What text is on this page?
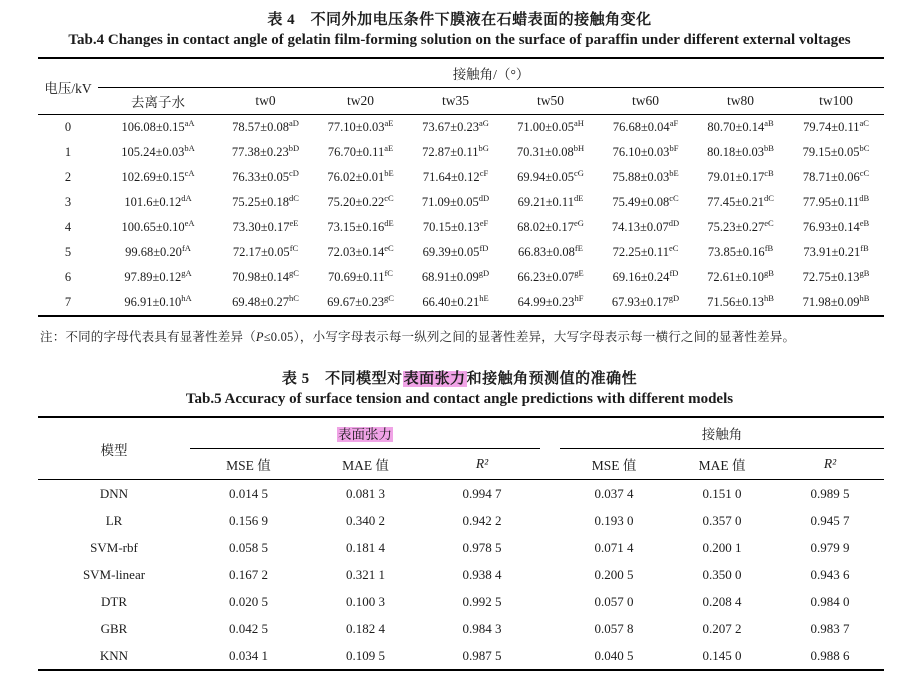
表 4　不同外加电压条件下膜液在石蜡表面的接触角变化
Tab.4 Changes in contact angle of gelatin film-forming solution on the surface of paraffin under different external voltages
电压/kV	接触角/（°）							
	去离子水	tw0	tw20	tw35	tw50	tw60	tw80	tw100
0	$106.08\pm 0.15^{aA}$	$78.57\pm 0.08^{aD}$	$77.10\pm 0.03^{aE}$	$73.67\pm 0.23^{aG}$	$71.00\pm 0.05^{aH}$	$76.68\pm 0.04^{aF}$	$80.70\pm 0.14^{aB}$	$79.74\pm 0.11^{aC}$
1	$105.24\pm 0.03^{bA}$	$77.38\pm 0.23^{bD}$	$76.70\pm 0.11^{aE}$	$72.87\pm 0.11^{bG}$	$70.31\pm 0.08^{bH}$	$76.10\pm 0.03^{bF}$	$80.18\pm 0.03^{bB}$	$79.15\pm 0.05^{bC}$
2	$102.69\pm 0.15^{cA}$	$76.33\pm 0.05^{cD}$	$76.02\pm 0.01^{bE}$	$71.64\pm 0.12^{cF}$	$69.94\pm 0.05^{cG}$	$75.88\pm 0.03^{bE}$	$79.01\pm 0.17^{cB}$	$78.71\pm 0.06^{cC}$
3	$101.6\pm 0.12^{dA}$	$75.25\pm 0.18^{dC}$	$75.20\pm 0.22^{cC}$	$71.09\pm 0.05^{dD}$	69.21±0.11dE	$75.49\pm 0.08^{cC}$	$77.45\pm 0.21^{dC}$	$77.95\pm 0.11^{dB}$
4	$100.65\pm 0.10^{eA}$	$73.30\pm 0.17^{eE}$	73.15±0.16dE	$70.15\pm 0.13^{eF}$	$68.02\pm 0.17^{eG}$	$74.13\pm 0.07^{dD}$	$75.23\pm 0.27^{eC}$	$76.93\pm 0.14^{eB}$
5	$99.68\pm 0.20^{fA}$	$72.17\pm 0.05^{fC}$	$72.03\pm 0.14^{eC}$	$69.39\pm 0.05^{fD}$	$66.83\pm 0.08^{fE}$	$72.25\pm 0.11^{eC}$	$73.85\pm 0.16^{fB}$	$73.91\pm 0.21^{fB}$
6	$97.89\pm 0.12^{gA}$	$70.98\pm 0.14^{gC}$	$70.69\pm 0.11^{fC}$	$68.91\pm 0.09^{gD}$	$66.23\pm 0.07^{gE}$	$69.16\pm 0.24^{fD}$	$72.61\pm 0.10^{gB}$	$72.75\pm 0.13^{gB}$
7	$96.91\pm 0.10^{hA}$	$69.48\pm 0.27^{hC}$	$69.67\pm 0.23^{gC}$	$66.40\pm 0.21^{hE}$	$64.99\pm 0.23^{hF}$	$67.93\pm 0.17^{gD}$	$71.56\pm 0.13^{hB}$	$71.98\pm 0.09^{hB}$
注：不同的字母代表具有显著性差异（P≤0.05），小写字母表示每一纵列之间的显著性差异，大写字母表示每一横行之间的显著性差异。
表 5　不同模型对表面张力和接触角预测值的准确性
Tab.5 Accuracy of surface tension and contact angle predictions with different models
模型	表面张力				接触角		
	MSE 值	MAE 值	R²		MSE 值	MAE 值	R²
DNN	0.014 5	0.081 3	0.994 7		0.037 4	0.151 0	0.989 5
LR	0.156 9	0.340 2	0.942 2		0.193 0	0.357 0	0.945 7
SVM-rbf	0.058 5	0.181 4	0.978 5		0.071 4	0.200 1	0.979 9
SVM-linear	0.167 2	0.321 1	0.938 4		0.200 5	0.350 0	0.943 6
DTR	0.020 5	0.100 3	0.992 5		0.057 0	0.208 4	0.984 0
GBR	0.042 5	0.182 4	0.984 3		0.057 8	0.207 2	0.983 7
KNN	0.034 1	0.109 5	0.987 5		0.040 5	0.145 0	0.988 6
